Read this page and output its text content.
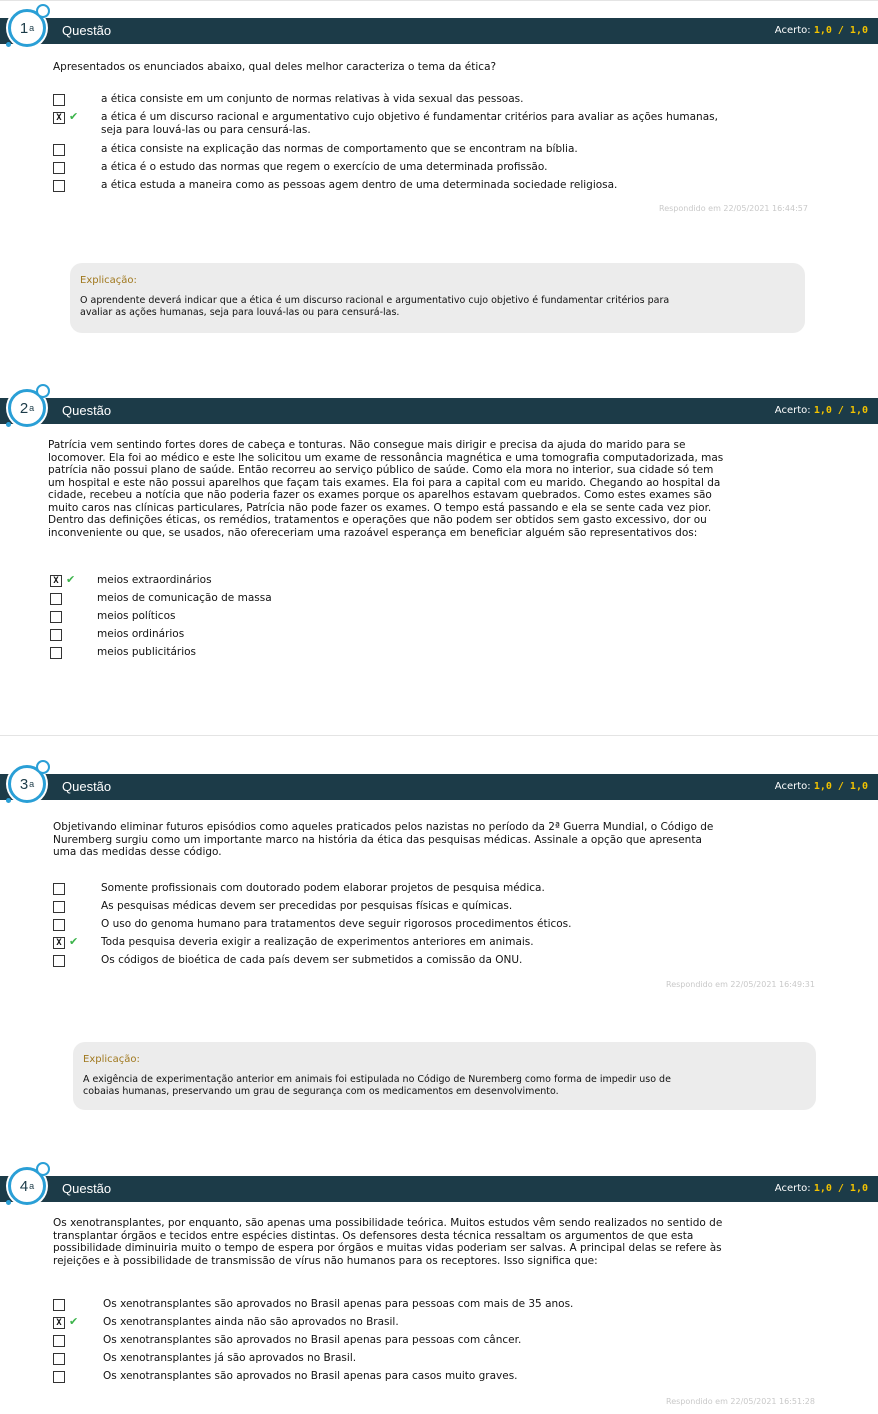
1 a Questão	Acerto: 1,0 / 1,0
Apresentados os enunciados abaixo, qual deles melhor caracteriza o tema da ética?
a ética consiste em um conjunto de normas relativas à vida sexual das pessoas.
X ✔ a ética é um discurso racional e argumentativo cujo objetivo é fundamentar critérios para avaliar as ações humanas,
seja para louvá-las ou para censurá-las.
a ética consiste na explicação das normas de comportamento que se encontram na bíblia.
a ética é o estudo das normas que regem o exercício de uma determinada profissão.
a ética estuda a maneira como as pessoas agem dentro de uma determinada sociedade religiosa.
Respondido em 22/05/2021 16:44:57
Explicação:
O aprendente deverá indicar que a ética é um discurso racional e argumentativo cujo objetivo é fundamentar critérios para
avaliar as ações humanas, seja para louvá-las ou para censurá-las.
2 a Questão	Acerto: 1,0 / 1,0
Patrícia vem sentindo fortes dores de cabeça e tonturas. Não consegue mais dirigir e precisa da ajuda do marido para se
locomover. Ela foi ao médico e este lhe solicitou um exame de ressonância magnética e uma tomografia computadorizada, mas
patrícia não possui plano de saúde. Então recorreu ao serviço público de saúde. Como ela mora no interior, sua cidade só tem
um hospital e este não possui aparelhos que façam tais exames. Ela foi para a capital com eu marido. Chegando ao hospital da
cidade, recebeu a notícia que não poderia fazer os exames porque os aparelhos estavam quebrados. Como estes exames são
muito caros nas clínicas particulares, Patrícia não pode fazer os exames. O tempo está passando e ela se sente cada vez pior.
Dentro das definições éticas, os remédios, tratamentos e operações que não podem ser obtidos sem gasto excessivo, dor ou
inconveniente ou que, se usados, não ofereceriam uma razoável esperança em beneficiar alguém são representativos dos:
X ✔ meios extraordinários
meios de comunicação de massa
meios políticos
meios ordinários
meios publicitários
3 a Questão	Acerto: 1,0 / 1,0
Objetivando eliminar futuros episódios como aqueles praticados pelos nazistas no período da 2ª Guerra Mundial, o Código de
Nuremberg surgiu como um importante marco na história da ética das pesquisas médicas. Assinale a opção que apresenta
uma das medidas desse código.
Somente profissionais com doutorado podem elaborar projetos de pesquisa médica.
As pesquisas médicas devem ser precedidas por pesquisas físicas e químicas.
O uso do genoma humano para tratamentos deve seguir rigorosos procedimentos éticos.
X ✔ Toda pesquisa deveria exigir a realização de experimentos anteriores em animais.
Os códigos de bioética de cada país devem ser submetidos a comissão da ONU.
Respondido em 22/05/2021 16:49:31
Explicação:
A exigência de experimentação anterior em animais foi estipulada no Código de Nuremberg como forma de impedir uso de
cobaias humanas, preservando um grau de segurança com os medicamentos em desenvolvimento.
4 a Questão	Acerto: 1,0 / 1,0
Os xenotransplantes, por enquanto, são apenas uma possibilidade teórica. Muitos estudos vêm sendo realizados no sentido de
transplantar órgãos e tecidos entre espécies distintas. Os defensores desta técnica ressaltam os argumentos de que esta
possibilidade diminuiria muito o tempo de espera por órgãos e muitas vidas poderiam ser salvas. A principal delas se refere às
rejeições e à possibilidade de transmissão de vírus não humanos para os receptores. Isso significa que:
Os xenotransplantes são aprovados no Brasil apenas para pessoas com mais de 35 anos.
X ✔ Os xenotransplantes ainda não são aprovados no Brasil.
Os xenotransplantes são aprovados no Brasil apenas para pessoas com câncer.
Os xenotransplantes já são aprovados no Brasil.
Os xenotransplantes são aprovados no Brasil apenas para casos muito graves.
Respondido em 22/05/2021 16:51:28
